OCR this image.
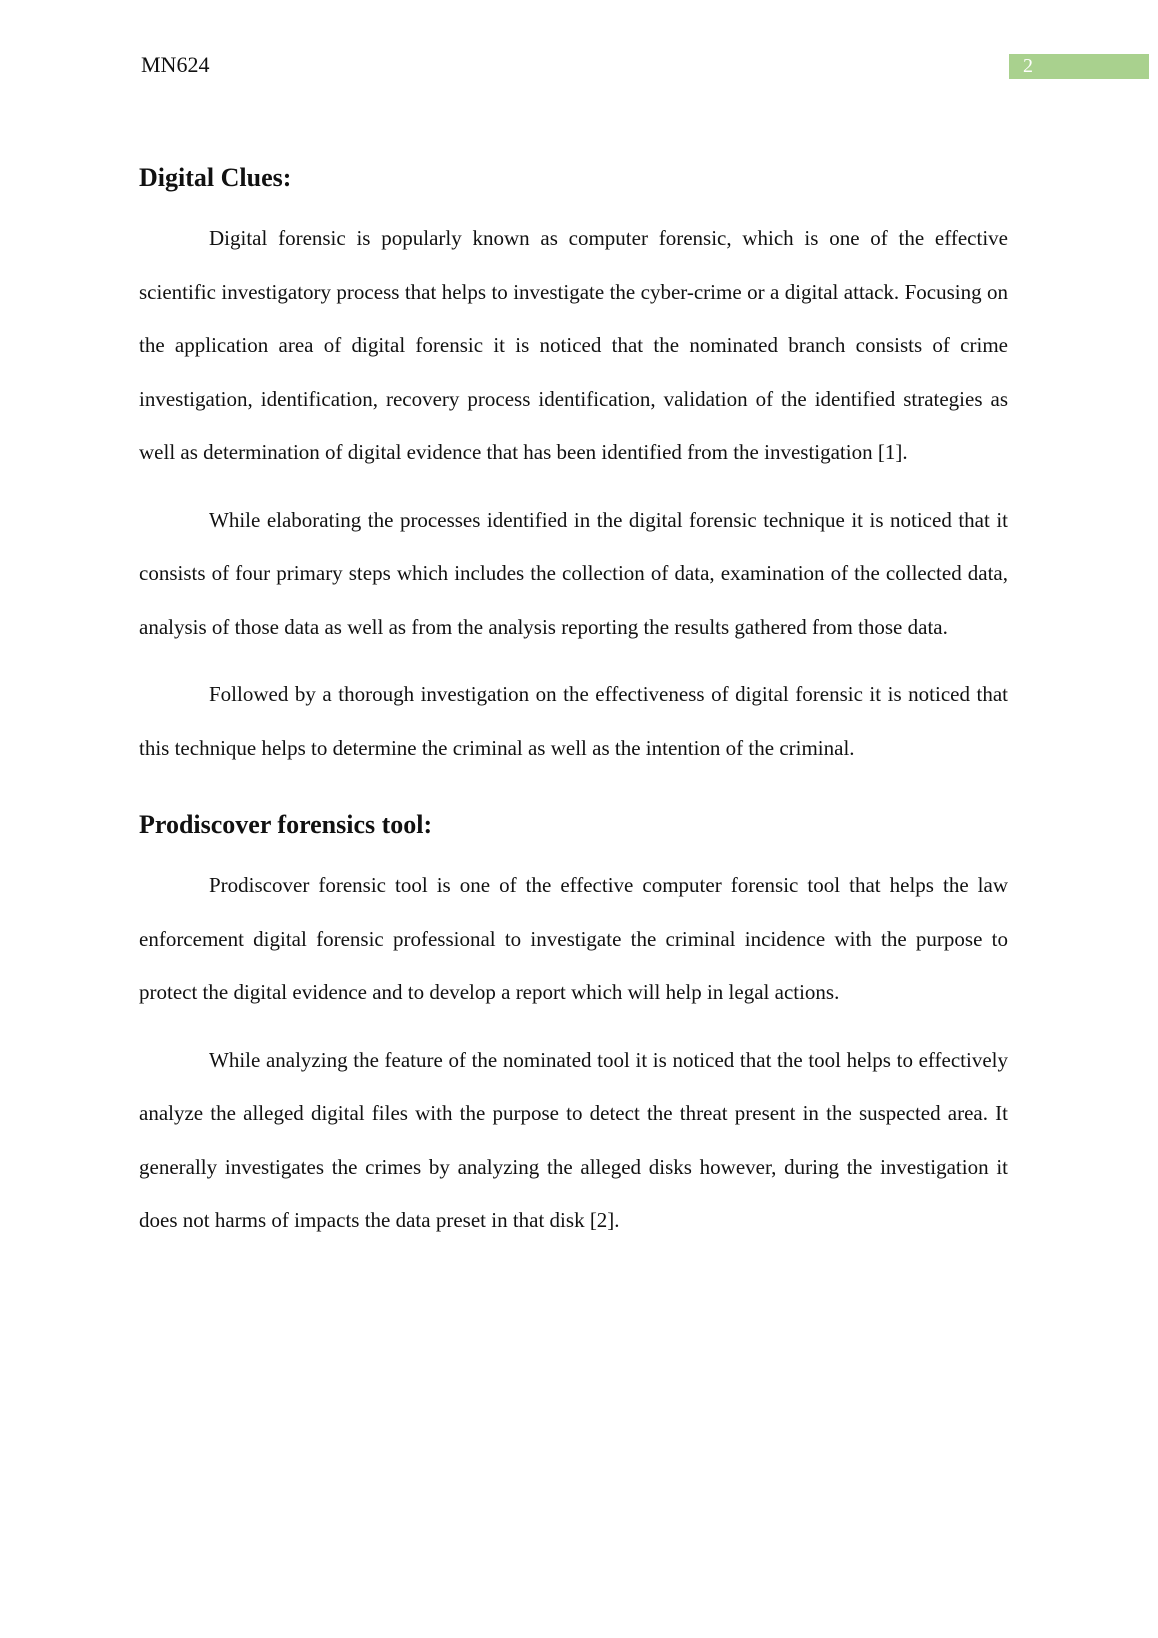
MN624	2
Digital Clues:

Digital forensic is popularly known as computer forensic, which is one of the effective scientific investigatory process that helps to investigate the cyber-crime or a digital attack. Focusing on the application area of digital forensic it is noticed that the nominated branch consists of crime investigation, identification, recovery process identification, validation of the identified strategies as well as determination of digital evidence that has been identified from the investigation [1].

While elaborating the processes identified in the digital forensic technique it is noticed that it consists of four primary steps which includes the collection of data, examination of the collected data, analysis of those data as well as from the analysis reporting the results gathered from those data.

Followed by a thorough investigation on the effectiveness of digital forensic it is noticed that this technique helps to determine the criminal as well as the intention of the criminal.

Prodiscover forensics tool:

Prodiscover forensic tool is one of the effective computer forensic tool that helps the law enforcement digital forensic professional to investigate the criminal incidence with the purpose to protect the digital evidence and to develop a report which will help in legal actions.

While analyzing the feature of the nominated tool it is noticed that the tool helps to effectively analyze the alleged digital files with the purpose to detect the threat present in the suspected area. It generally investigates the crimes by analyzing the alleged disks however, during the investigation it does not harms of impacts the data preset in that disk [2].
